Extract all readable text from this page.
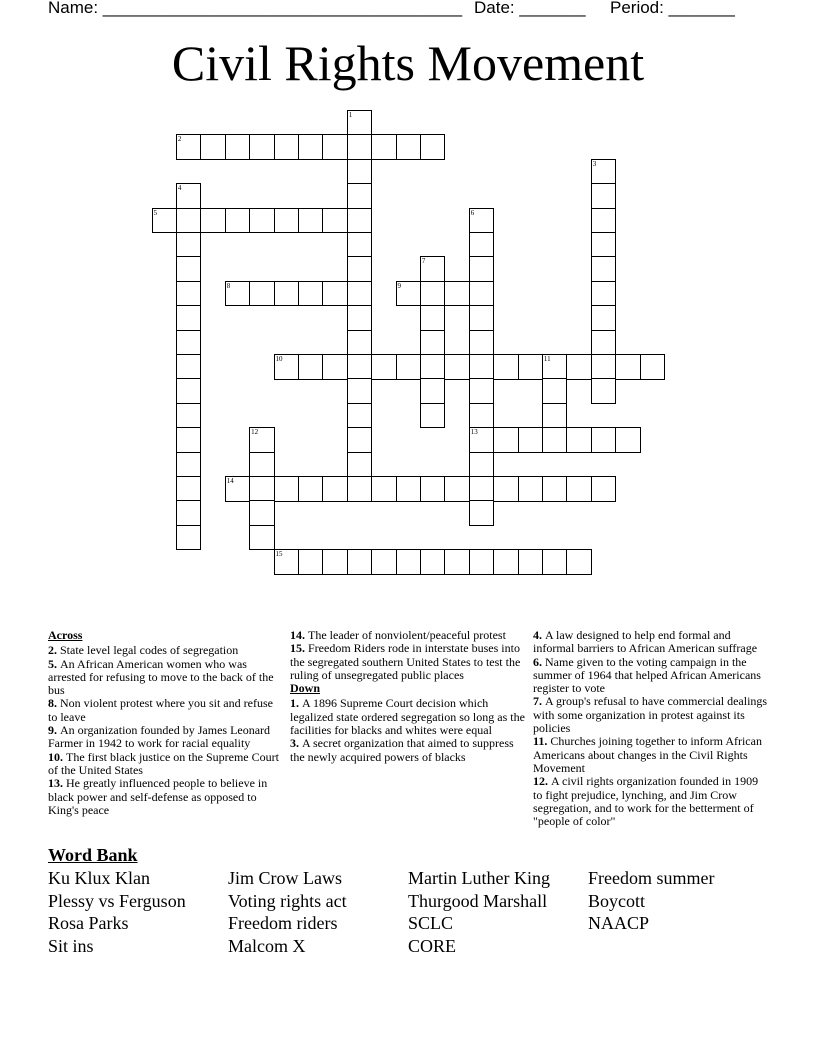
Name: ______________________________________ Date: _______ Period: _______
Civil Rights Movement
1
2
3
4
5	6
13
7
8	9
10	11
12
14
15
Across
2. State level legal codes of segregation
5. An African American women who was arrested for refusing to move to the back of the bus
8. Non violent protest where you sit and refuse to leave
9. An organization founded by James Leonard Farmer in 1942 to work for racial equality
10. The first black justice on the Supreme Court of the United States
13. He greatly influenced people to believe in black power and self-defense as opposed to King's peace
14. The leader of nonviolent/peaceful protest
15. Freedom Riders rode in interstate buses into the segregated southern United States to test the ruling of unsegregated public places
Down
1. A 1896 Supreme Court decision which legalized state ordered segregation so long as the facilities for blacks and whites were equal
3. A secret organization that aimed to suppress the newly acquired powers of blacks
4. A law designed to help end formal and informal barriers to African American suffrage
6. Name given to the voting campaign in the summer of 1964 that helped African Americans register to vote
7. A group's refusal to have commercial dealings with some organization in protest against its policies
11. Churches joining together to inform African Americans about changes in the Civil Rights Movement
12. A civil rights organization founded in 1909 to fight prejudice, lynching, and Jim Crow segregation, and to work for the betterment of "people of color"
Word Bank
Ku Klux Klan
Plessy vs Ferguson
Rosa Parks
Sit ins
Jim Crow Laws
Voting rights act
Freedom riders
Malcom X
Martin Luther King
Thurgood Marshall
SCLC
CORE
Freedom summer
Boycott
NAACP
